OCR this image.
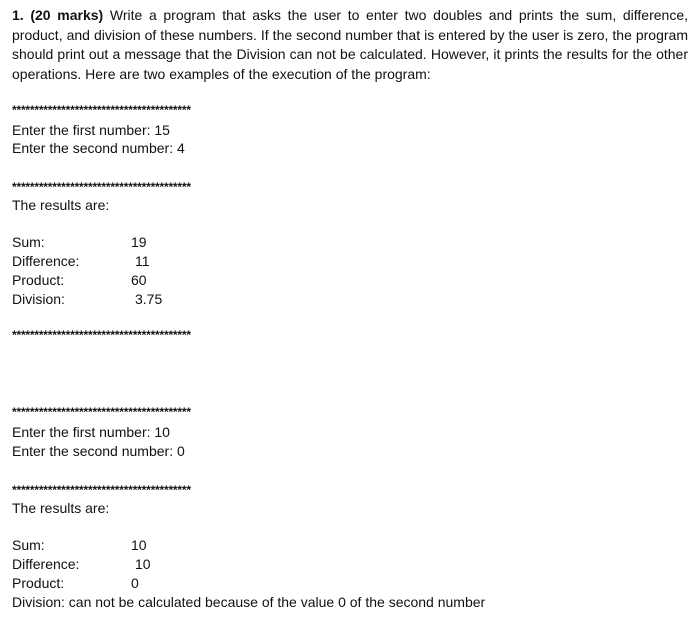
1. (20 marks) Write a program that asks the user to enter two doubles and prints the sum, difference, product, and division of these numbers. If the second number that is entered by the user is zero, the program should print out a message that the Division can not be calculated. However, it prints the results for the other operations. Here are two examples of the execution of the program:

****************************************
Enter the first number: 15
Enter the second number: 4
****************************************
The results are:
Sum:	19
Difference:	11
Product:	60
Division:	3.75
****************************************
****************************************
Enter the first number: 10
Enter the second number: 0
****************************************
The results are:
Sum:	10
Difference:	10
Product:	0
Division: can not be calculated because of the value 0 of the second number
